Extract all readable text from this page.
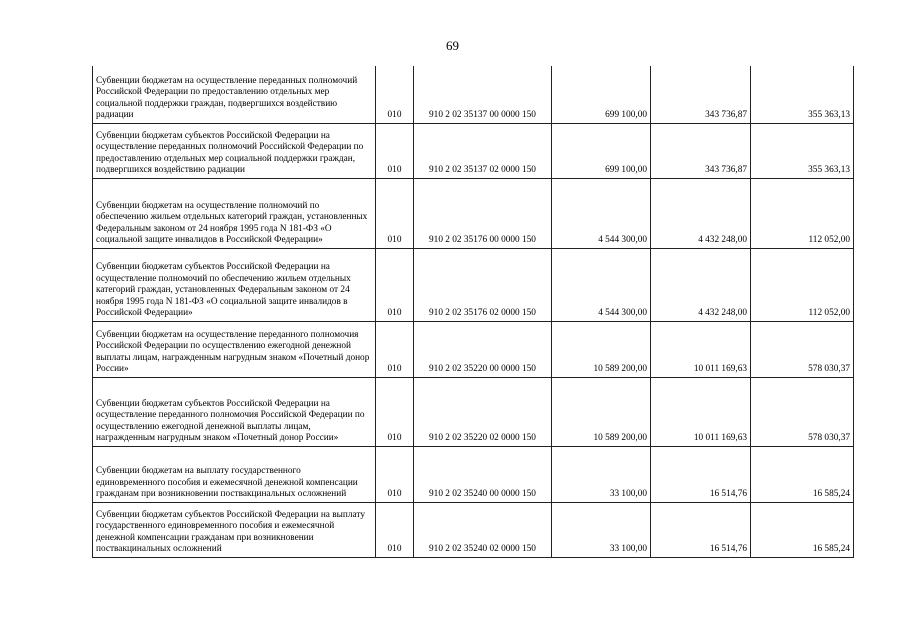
69
Субвенции бюджетам на осуществление переданных полномочий Российской Федерации по предоставлению отдельных мер социальной поддержки граждан, подвергшихся воздействию радиации	010	910 2 02 35137 00 0000 150	699 100,00	343 736,87	355 363,13
Субвенции бюджетам субъектов Российской Федерации на осуществление переданных полномочий Российской Федерации по предоставлению отдельных мер социальной поддержки граждан, подвергшихся воздействию радиации	010	910 2 02 35137 02 0000 150	699 100,00	343 736,87	355 363,13
Субвенции бюджетам на осуществление полномочий по обеспечению жильем отдельных категорий граждан, установленных Федеральным законом от 24 ноября 1995 года N 181-ФЗ «О социальной защите инвалидов в Российской Федерации»	010	910 2 02 35176 00 0000 150	4 544 300,00	4 432 248,00	112 052,00
Субвенции бюджетам субъектов Российской Федерации на осуществление полномочий по обеспечению жильем отдельных категорий граждан, установленных Федеральным законом от 24 ноября 1995 года N 181-ФЗ «О социальной защите инвалидов в Российской Федерации»	010	910 2 02 35176 02 0000 150	4 544 300,00	4 432 248,00	112 052,00
Субвенции бюджетам на осуществление переданного полномочия Российской Федерации по осуществлению ежегодной денежной выплаты лицам, награжденным нагрудным знаком «Почетный донор России»	010	910 2 02 35220 00 0000 150	10 589 200,00	10 011 169,63	578 030,37
Субвенции бюджетам субъектов Российской Федерации на осуществление переданного полномочия Российской Федерации по осуществлению ежегодной денежной выплаты лицам, награжденным нагрудным знаком «Почетный донор России»	010	910 2 02 35220 02 0000 150	10 589 200,00	10 011 169,63	578 030,37
Субвенции бюджетам на выплату государственного единовременного пособия и ежемесячной денежной компенсации гражданам при возникновении поствакцинальных осложнений	010	910 2 02 35240 00 0000 150	33 100,00	16 514,76	16 585,24
Субвенции бюджетам субъектов Российской Федерации на выплату государственного единовременного пособия и ежемесячной денежной компенсации гражданам при возникновении поствакцинальных осложнений	010	910 2 02 35240 02 0000 150	33 100,00	16 514,76	16 585,24
